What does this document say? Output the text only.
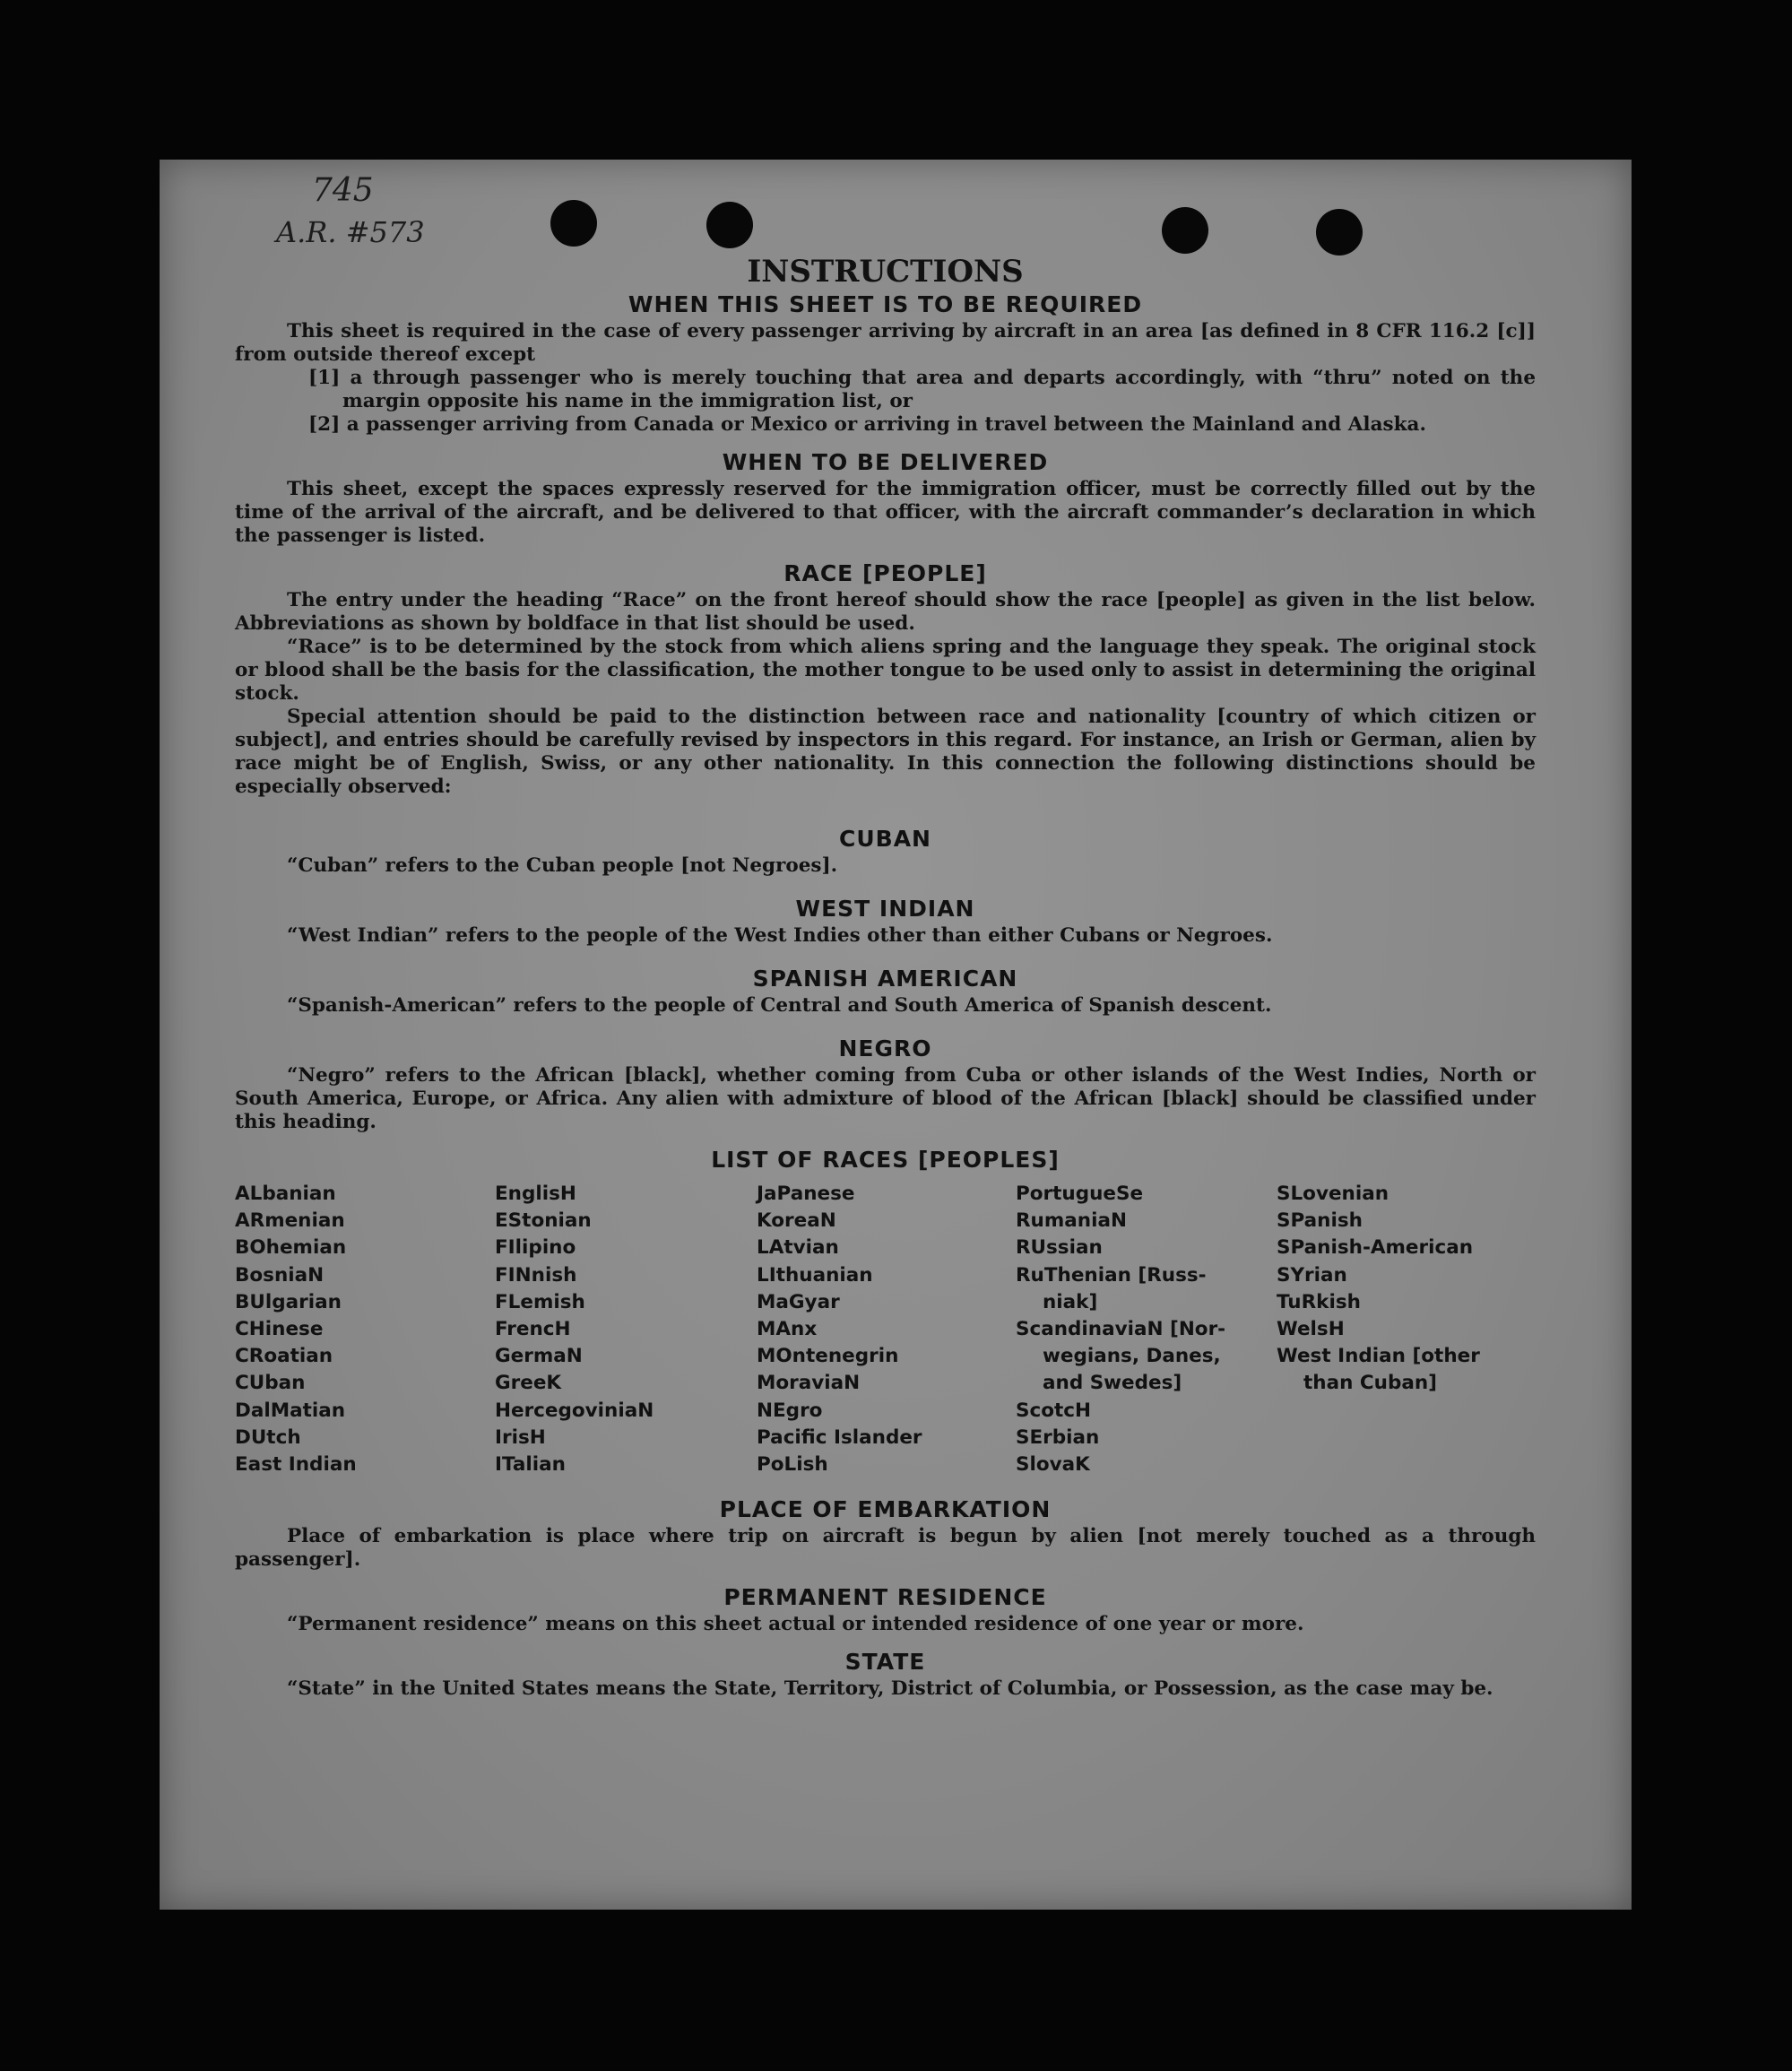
745
A.R. #573
INSTRUCTIONS
WHEN THIS SHEET IS TO BE REQUIRED

This sheet is required in the case of every passenger arriving by aircraft in an area [as defined in 8 CFR 116.2 [c]] from outside thereof except

[1] a through passenger who is merely touching that area and departs accordingly, with “thru” noted on the margin opposite his name in the immigration list, or

[2] a passenger arriving from Canada or Mexico or arriving in travel between the Mainland and Alaska.

WHEN TO BE DELIVERED

This sheet, except the spaces expressly reserved for the immigration officer, must be correctly filled out by the time of the arrival of the aircraft, and be delivered to that officer, with the aircraft commander’s declaration in which the passenger is listed.

RACE [PEOPLE]

The entry under the heading “Race” on the front hereof should show the race [people] as given in the list below. Abbreviations as shown by boldface in that list should be used.

“Race” is to be determined by the stock from which aliens spring and the language they speak. The original stock or blood shall be the basis for the classification, the mother tongue to be used only to assist in determining the original stock.

Special attention should be paid to the distinction between race and nationality [country of which citizen or subject], and entries should be carefully revised by inspectors in this regard. For instance, an Irish or German, alien by race might be of English, Swiss, or any other nationality. In this connection the following distinctions should be especially observed:

CUBAN

“Cuban” refers to the Cuban people [not Negroes].

WEST INDIAN

“West Indian” refers to the people of the West Indies other than either Cubans or Negroes.

SPANISH AMERICAN

“Spanish-American” refers to the people of Central and South America of Spanish descent.

NEGRO

“Negro” refers to the African [black], whether coming from Cuba or other islands of the West Indies, North or South America, Europe, or Africa. Any alien with admixture of blood of the African [black] should be classified under this heading.

LIST OF RACES [PEOPLES]
ALbanian
ARmenian
BOhemian
BosniaN
BUlgarian
CHinese
CRoatian
CUban
DalMatian
DUtch
East Indian
EnglisH
EStonian
FIlipino
FINnish
FLemish
FrencH
GermaN
GreeK
HercegoviniaN
IrisH
ITalian
JaPanese
KoreaN
LAtvian
LIthuanian
MaGyar
MAnx
MOntenegrin
MoraviaN
NEgro
Pacific Islander
PoLish
PortugueSe
RumaniaN
RUssian
RuThenian [Russ-
niak]
ScandinaviaN [Nor-
wegians, Danes,
and Swedes]
ScotcH
SErbian
SlovaK
SLovenian
SPanish
SPanish-American
SYrian
TuRkish
WelsH
West Indian [other
than Cuban]
PLACE OF EMBARKATION

Place of embarkation is place where trip on aircraft is begun by alien [not merely touched as a through passenger].

PERMANENT RESIDENCE

“Permanent residence” means on this sheet actual or intended residence of one year or more.

STATE

“State” in the United States means the State, Territory, District of Columbia, or Possession, as the case may be.
